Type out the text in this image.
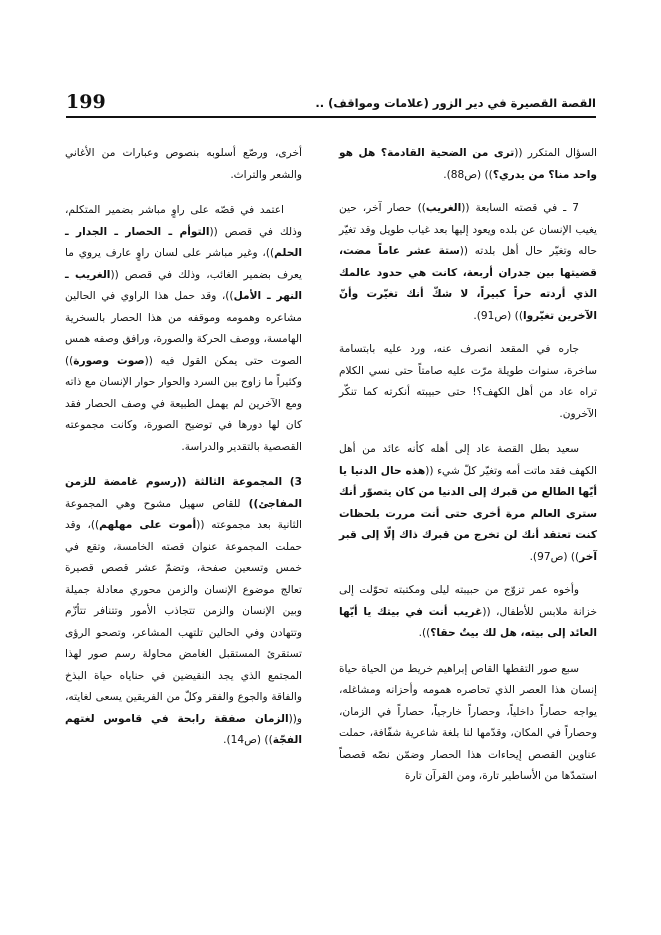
199	القصة القصيرة في دير الزور (علامات ومواقف) ..

السؤال المتكرر ((ترى من الضحية القادمة؟ هل هو واحد منا؟ من يدري؟)) (ص88).

7 ـ في قصته السابعة ((الغريب)) حصار آخر، حين يغيب الإنسان عن بلده ويعود إليها بعد غياب طويل وقد تغيّر حاله وتغيّر حال أهل بلدته ((ستة عشر عاماً مضت، قضيتها بين جدران أربعة، كانت هي حدود عالمك الذي أردته حراً كبيراً، لا شكّ أنك تغيّرت وأنّ الآخرين تغيّروا)) (ص91).

جاره في المقعد انصرف عنه، ورد عليه بابتسامة ساخرة، سنوات طويلة مرّت عليه صامتاً حتى نسي الكلام تراه عاد من أهل الكهف؟! حتى حبيبته أنكرته كما تنكّر الآخرون.

سعيد بطل القصة عاد إلى أهله كأنه عائد من أهل الكهف فقد ماتت أمه وتغيّر كلّ شيء ((هذه حال الدنيا يا أيّها الطالع من قبرك إلى الدنيا من كان يتصوّر أنك ستری العالم مرة أخرى حتى أنت مررت بلحظات كنت تعتقد أنك لن تخرج من قبرك ذاك إلّا إلى قبر آخر)) (ص97).

وأخوه عمر تزوّج من حبيبته ليلى ومكتبته تحوّلت إلى خزانة ملابس للأطفال، ((غريب أنت في بيتك يا أيّها العائد إلى بيته، هل لك بيتٌ حقا؟)).

سبع صور التقطها القاص إبراهيم خريط من الحياة حياة إنسان هذا العصر الذي تحاصره همومه وأحزانه ومشاغله، يواجه حصاراً داخلياً، وحصاراً خارجياً، حصاراً في الزمان، وحصاراً في المكان، وقدّمها لنا بلغة شاعرية شفّافة، حملت عناوين القصص إيحاءات هذا الحصار وضمّن نصّه قصصاً استمدّها من الأساطير تارة، ومن القرآن تارة

أخرى، ورصّع أسلوبه بنصوص وعبارات من الأغاني والشعر والتراث.

اعتمد في قصّه على راوٍ مباشر بضمير المتكلم، وذلك في قصص ((التوأم ـ الحصار ـ الجدار ـ الحلم))، وغير مباشر على لسان راوٍ عارف يروي ما يعرف بضمير الغائب، وذلك في قصص ((الغريب ـ النهر ـ الأمل))، وقد حمل هذا الراوي في الحالين مشاعره وهمومه وموقفه من هذا الحصار بالسخرية الهامسة، ووصف الحركة والصورة، ورافق وصفه همس الصوت حتى يمكن القول فيه ((صوت وصورة)) وكثيراً ما زاوج بين السرد والحوار حوار الإنسان مع ذاته ومع الآخرين لم يهمل الطبيعة في وصف الحصار فقد كان لها دورها في توضيح الصورة، وكانت مجموعته القصصية بالتقدير والدراسة.

3) المجموعة الثالثة ((رسوم غامضة للزمن المفاجئ)) للقاص سهيل مشوح وهي المجموعة الثانية بعد مجموعته ((أموت على مهلهم))، وقد حملت المجموعة عنوان قصته الخامسة، وتقع في خمس وتسعين صفحة، وتضمّ عشر قصص قصيرة تعالج موضوع الإنسان والزمن محوري معادلة جميلة وبين الإنسان والزمن تتجاذب الأمور وتتنافر تتأزّم وتتهادن وفي الحالين تلتهب المشاعر، وتصحو الرؤى تستقرئ المستقبل الغامض محاولة رسم صور لهذا المجتمع الذي يجد النقيضين في حناياه حياة البذخ والفاقة والجوع والفقر وكلّ من الفريقين يسعى لغايته، و((الزمان صفقة رابحة في قاموس لغتهم الفجّة)) (ص14).
